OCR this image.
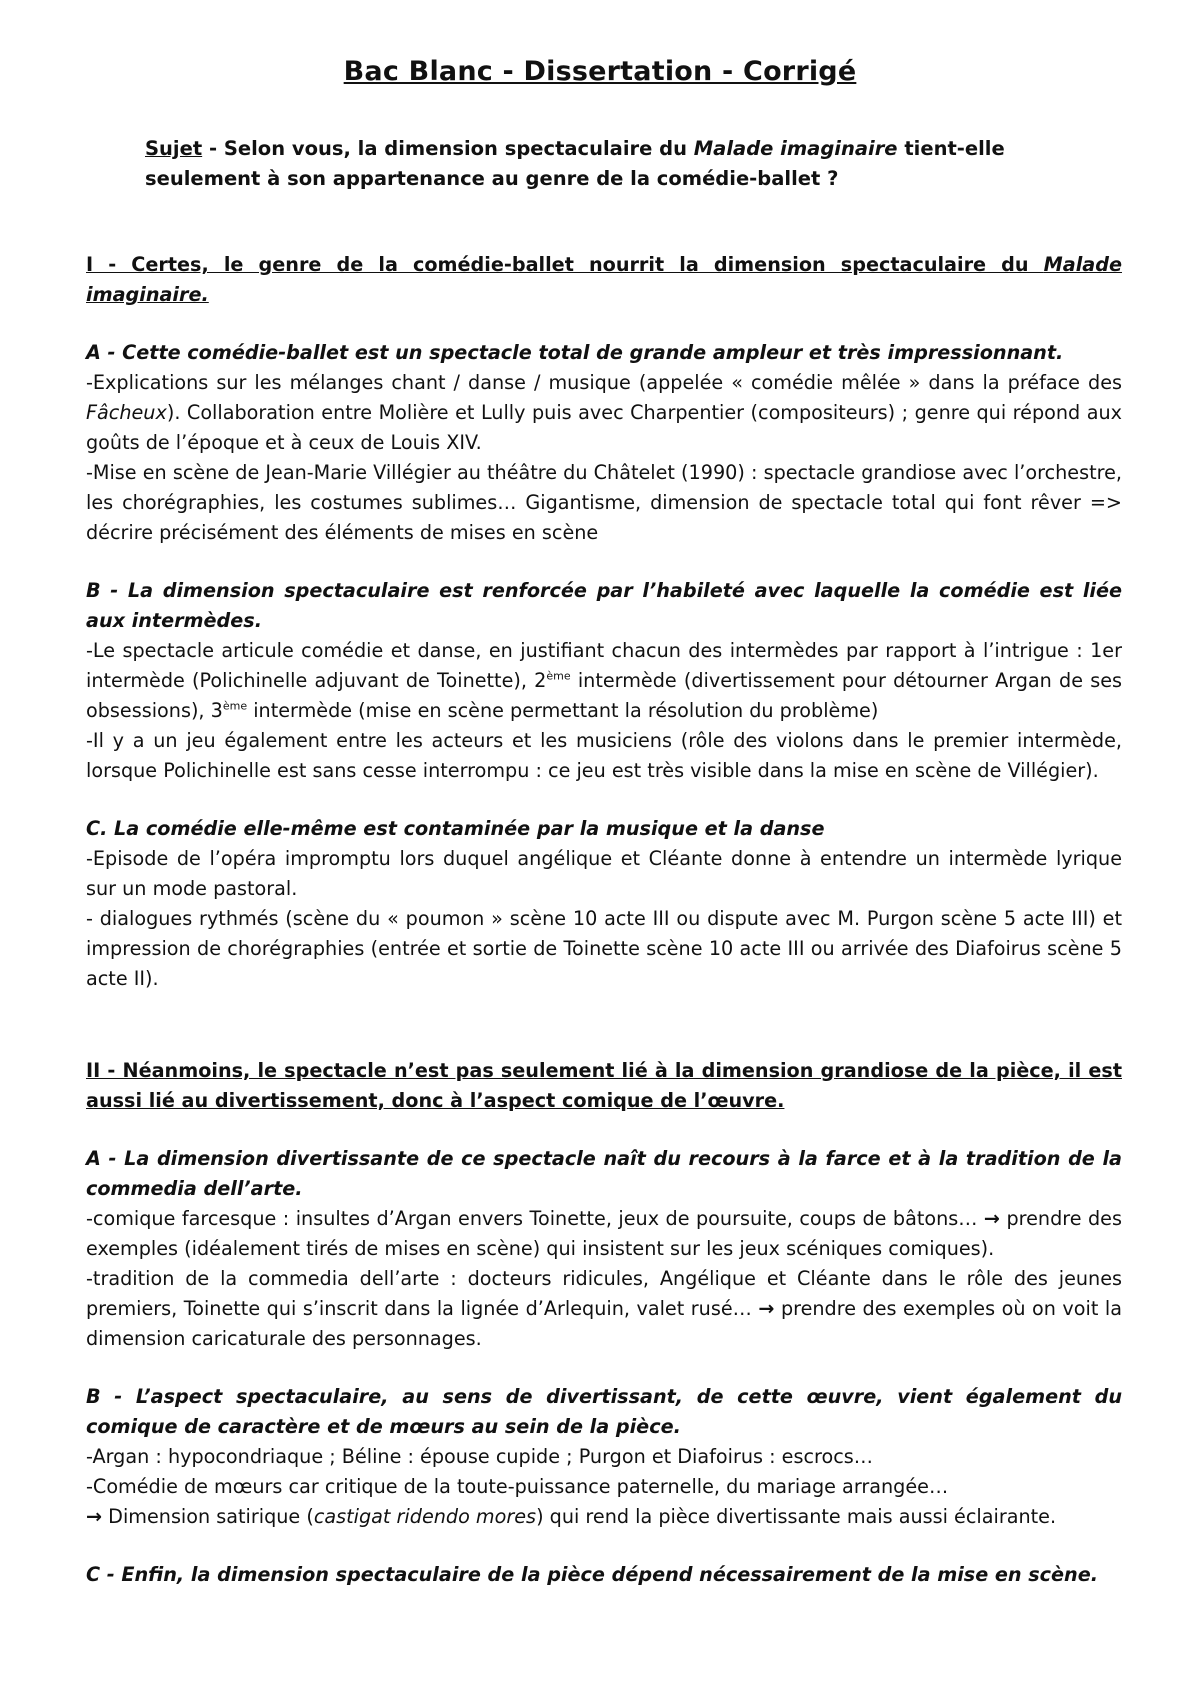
Bac Blanc - Dissertation - Corrigé
Sujet - Selon vous, la dimension spectaculaire du Malade imaginaire tient-elle seulement à son appartenance au genre de la comédie-ballet ?

I - Certes, le genre de la comédie-ballet nourrit la dimension spectaculaire du Malade imaginaire.

A - Cette comédie-ballet est un spectacle total de grande ampleur et très impressionnant.

-Explications sur les mélanges chant / danse / musique (appelée « comédie mêlée » dans la préface des Fâcheux). Collaboration entre Molière et Lully puis avec Charpentier (compositeurs) ; genre qui répond aux goûts de l’époque et à ceux de Louis XIV.

-Mise en scène de Jean-Marie Villégier au théâtre du Châtelet (1990) : spectacle grandiose avec l’orchestre, les chorégraphies, les costumes sublimes… Gigantisme, dimension de spectacle total qui font rêver => décrire précisément des éléments de mises en scène

B - La dimension spectaculaire est renforcée par l’habileté avec laquelle la comédie est liée aux intermèdes.

-Le spectacle articule comédie et danse, en justifiant chacun des intermèdes par rapport à l’intrigue : 1er intermède (Polichinelle adjuvant de Toinette), 2ème intermède (divertissement pour détourner Argan de ses obsessions), 3ème intermède (mise en scène permettant la résolution du problème)

-Il y a un jeu également entre les acteurs et les musiciens (rôle des violons dans le premier intermède, lorsque Polichinelle est sans cesse interrompu : ce jeu est très visible dans la mise en scène de Villégier).

C. La comédie elle-même est contaminée par la musique et la danse

-Episode de l’opéra impromptu lors duquel angélique et Cléante donne à entendre un intermède lyrique sur un mode pastoral.

- dialogues rythmés (scène du « poumon » scène 10 acte III ou dispute avec M. Purgon scène 5 acte III) et impression de chorégraphies (entrée et sortie de Toinette scène 10 acte III ou arrivée des Diafoirus scène 5 acte II).

II - Néanmoins, le spectacle n’est pas seulement lié à la dimension grandiose de la pièce, il est aussi lié au divertissement, donc à l’aspect comique de l’œuvre.

A - La dimension divertissante de ce spectacle naît du recours à la farce et à la tradition de la commedia dell’arte.

-comique farcesque : insultes d’Argan envers Toinette, jeux de poursuite, coups de bâtons… → prendre des exemples (idéalement tirés de mises en scène) qui insistent sur les jeux scéniques comiques).

-tradition de la commedia dell’arte : docteurs ridicules, Angélique et Cléante dans le rôle des jeunes premiers, Toinette qui s’inscrit dans la lignée d’Arlequin, valet rusé… → prendre des exemples où on voit la dimension caricaturale des personnages.

B - L’aspect spectaculaire, au sens de divertissant, de cette œuvre, vient également du comique de caractère et de mœurs au sein de la pièce.

-Argan : hypocondriaque ; Béline : épouse cupide ; Purgon et Diafoirus : escrocs…

-Comédie de mœurs car critique de la toute-puissance paternelle, du mariage arrangée…

→ Dimension satirique (castigat ridendo mores) qui rend la pièce divertissante mais aussi éclairante.

C - Enfin, la dimension spectaculaire de la pièce dépend nécessairement de la mise en scène.
